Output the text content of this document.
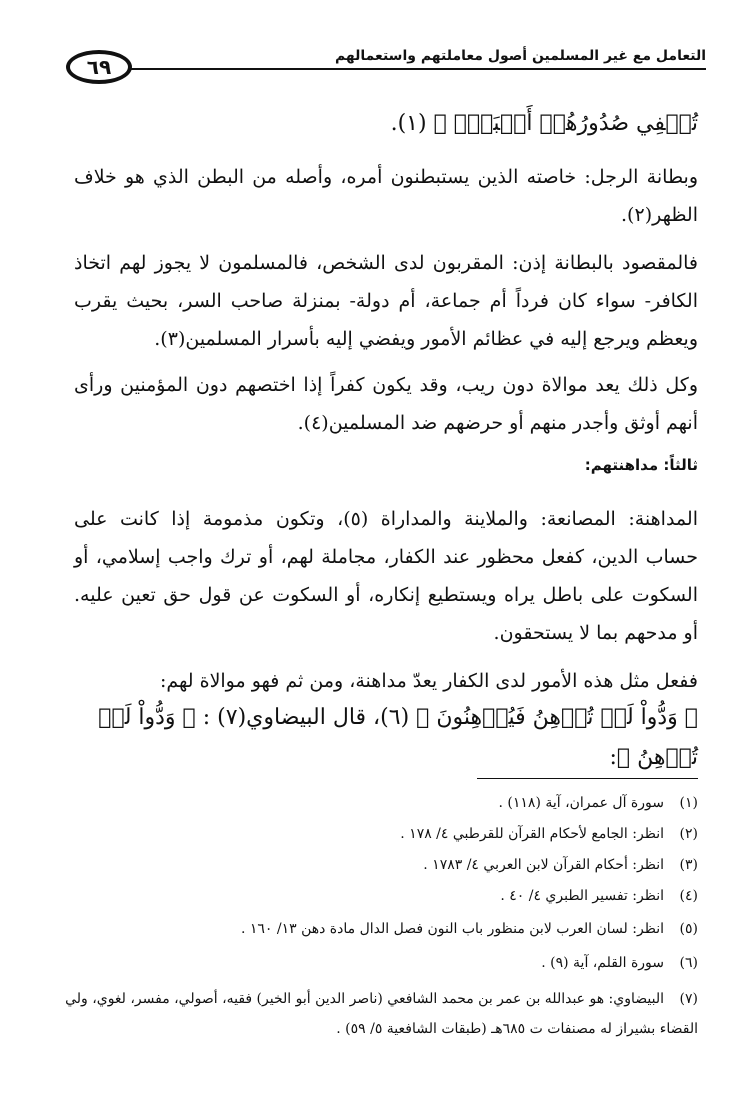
٦٩	التعامل مع غير المسلمين أصول معاملتهم واستعمالهم
تُخۡفِي صُدُورُهُمۡ أَكۡبَرُۚ ﴾ (١).
وبطانة الرجل: خاصته الذين يستبطنون أمره، وأصله من البطن الذي هو خلاف الظهر(٢).
فالمقصود بالبطانة إذن: المقربون لدى الشخص، فالمسلمون لا يجوز لهم اتخاذ الكافر- سواء كان فرداً أم جماعة، أم دولة- بمنزلة صاحب السر، بحيث يقرب ويعظم ويرجع إليه في عظائم الأمور ويفضي إليه بأسرار المسلمين(٣).
وكل ذلك يعد موالاة دون ريب، وقد يكون كفراً إذا اختصهم دون المؤمنين ورأى أنهم أوثق وأجدر منهم أو حرضهم ضد المسلمين(٤).
ثالثاً: مداهنتهم:
المداهنة: المصانعة: والملاينة والمداراة (٥)، وتكون مذمومة إذا كانت على حساب الدين، كفعل محظور عند الكفار، مجاملة لهم، أو ترك واجب إسلامي، أو السكوت على باطل يراه ويستطيع إنكاره، أو السكوت عن قول حق تعين عليه. أو مدحهم بما لا يستحقون.
ففعل مثل هذه الأمور لدى الكفار يعدّ مداهنة، ومن ثم فهو موالاة لهم:
﴿ وَدُّواْ لَوۡ تُدۡهِنُ فَيُدۡهِنُونَ ﴾ (٦)، قال البيضاوي(٧) : ﴿ وَدُّواْ لَوۡ تُدۡهِنُ ﴾:
(١)سورة آل عمران، آية (١١٨) .
(٢)انظر: الجامع لأحكام القرآن للقرطبي ٤/ ١٧٨ .
(٣)انظر: أحكام القرآن لابن العربي ٤/ ١٧٨٣ .
(٤)انظر: تفسير الطبري ٤/ ٤٠ .
(٥)انظر: لسان العرب لابن منظور باب النون فصل الدال مادة دهن ١٣/ ١٦٠ .
(٦)سورة القلم، آية (٩) .
(٧)البيضاوي: هو عبدالله بن عمر بن محمد الشافعي (ناصر الدين أبو الخير) فقيه، أصولي، مفسر، لغوي، ولي القضاء بشيراز له مصنفات ت ٦٨٥هـ (طبقات الشافعية ٥/ ٥٩) .
